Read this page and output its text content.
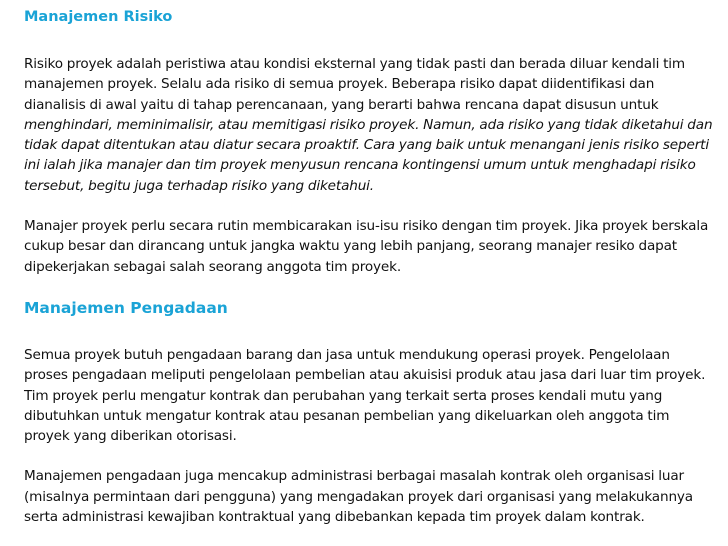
Manajemen Risiko

Risiko proyek adalah peristiwa atau kondisi eksternal yang tidak pasti dan berada diluar kendali tim manajemen proyek. Selalu ada risiko di semua proyek. Beberapa risiko dapat diidentifikasi dan dianalisis di awal yaitu di tahap perencanaan, yang berarti bahwa rencana dapat disusun untuk menghindari, meminimalisir, atau memitigasi risiko proyek. Namun, ada risiko yang tidak diketahui dan tidak dapat ditentukan atau diatur secara proaktif. Cara yang baik untuk menangani jenis risiko seperti ini ialah jika manajer dan tim proyek menyusun rencana kontingensi umum untuk menghadapi risiko tersebut, begitu juga terhadap risiko yang diketahui.

Manajer proyek perlu secara rutin membicarakan isu-isu risiko dengan tim proyek. Jika proyek berskala cukup besar dan dirancang untuk jangka waktu yang lebih panjang, seorang manajer resiko dapat dipekerjakan sebagai salah seorang anggota tim proyek.

Manajemen Pengadaan

Semua proyek butuh pengadaan barang dan jasa untuk mendukung operasi proyek. Pengelolaan proses pengadaan meliputi pengelolaan pembelian atau akuisisi produk atau jasa dari luar tim proyek. Tim proyek perlu mengatur kontrak dan perubahan yang terkait serta proses kendali mutu yang dibutuhkan untuk mengatur kontrak atau pesanan pembelian yang dikeluarkan oleh anggota tim proyek yang diberikan otorisasi.

Manajemen pengadaan juga mencakup administrasi berbagai masalah kontrak oleh organisasi luar (misalnya permintaan dari pengguna) yang mengadakan proyek dari organisasi yang melakukannya serta administrasi kewajiban kontraktual yang dibebankan kepada tim proyek dalam kontrak.
